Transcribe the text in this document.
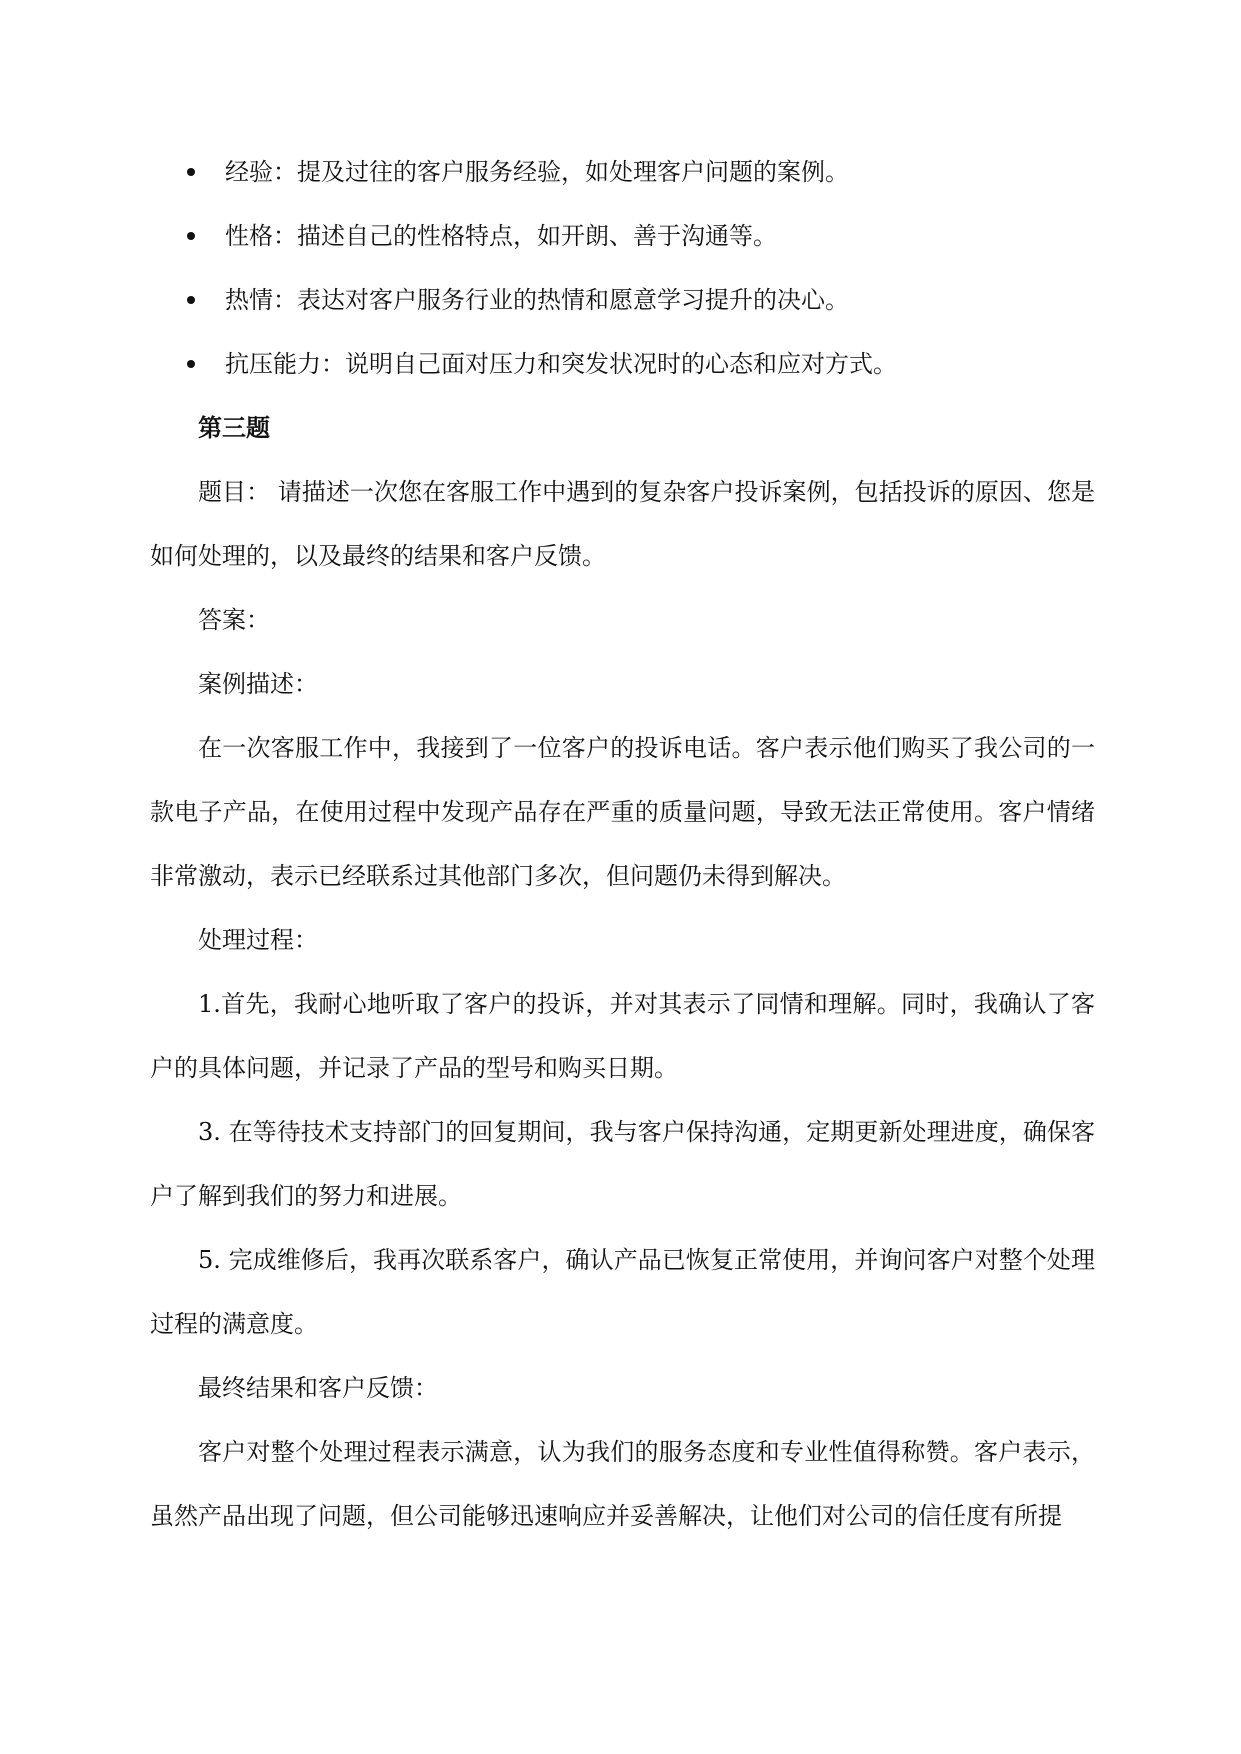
经验：提及过往的客户服务经验，如处理客户问题的案例。
性格：描述自己的性格特点，如开朗、善于沟通等。
热情：表达对客户服务行业的热情和愿意学习提升的决心。
抗压能力：说明自己面对压力和突发状况时的心态和应对方式。

第三题

题目： 请描述一次您在客服工作中遇到的复杂客户投诉案例，包括投诉的原因、您是如何处理的，以及最终的结果和客户反馈。

答案：

案例描述：

在一次客服工作中，我接到了一位客户的投诉电话。客户表示他们购买了我公司的一款电子产品，在使用过程中发现产品存在严重的质量问题，导致无法正常使用。客户情绪非常激动，表示已经联系过其他部门多次，但问题仍未得到解决。

处理过程：

1.首先，我耐心地听取了客户的投诉，并对其表示了同情和理解。同时，我确认了客户的具体问题，并记录了产品的型号和购买日期。

3. 在等待技术支持部门的回复期间，我与客户保持沟通，定期更新处理进度，确保客户了解到我们的努力和进展。

5. 完成维修后，我再次联系客户，确认产品已恢复正常使用，并询问客户对整个处理过程的满意度。

最终结果和客户反馈：

客户对整个处理过程表示满意，认为我们的服务态度和专业性值得称赞。客户表示，虽然产品出现了问题，但公司能够迅速响应并妥善解决，让他们对公司的信任度有所提
